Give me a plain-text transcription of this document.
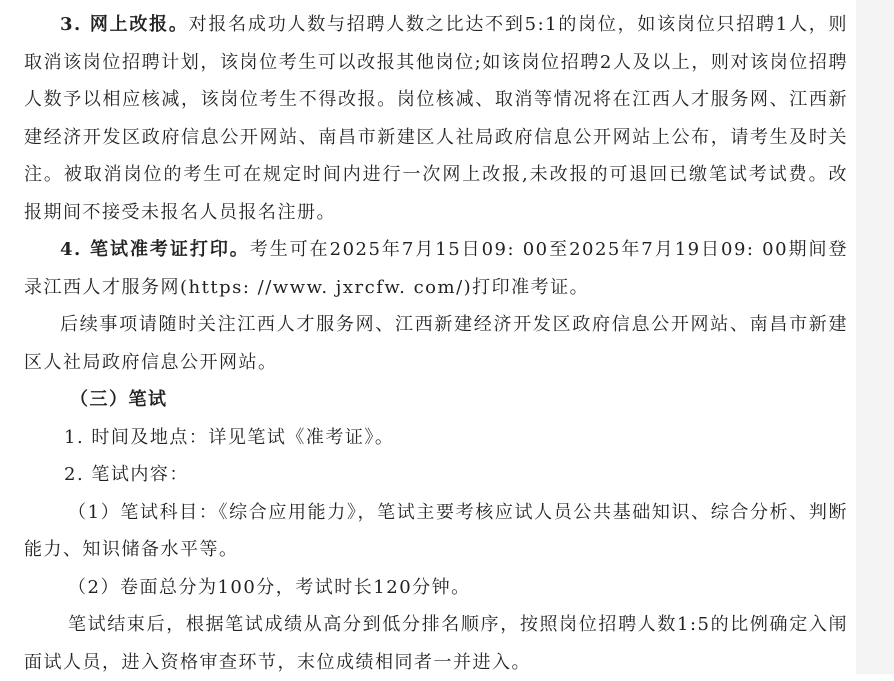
3. 网上改报。对报名成功人数与招聘人数之比达不到5:1的岗位，如该岗位只招聘1人，则取消该岗位招聘计划，该岗位考生可以改报其他岗位;如该岗位招聘2人及以上，则对该岗位招聘人数予以相应核减，该岗位考生不得改报。岗位核减、取消等情况将在江西人才服务网、江西新建经济开发区政府信息公开网站、南昌市新建区人社局政府信息公开网站上公布，请考生及时关注。被取消岗位的考生可在规定时间内进行一次网上改报,未改报的可退回已缴笔试考试费。改报期间不接受未报名人员报名注册。

4. 笔试准考证打印。考生可在2025年7月15日09: 00至2025年7月19日09: 00期间登录江西人才服务网(https: //www. jxrcfw. com/)打印准考证。

后续事项请随时关注江西人才服务网、江西新建经济开发区政府信息公开网站、南昌市新建区人社局政府信息公开网站。

（三）笔试

1. 时间及地点：详见笔试《准考证》。

2. 笔试内容：

（1）笔试科目：《综合应用能力》，笔试主要考核应试人员公共基础知识、综合分析、判断能力、知识储备水平等。

（2）卷面总分为100分，考试时长120分钟。

笔试结束后，根据笔试成绩从高分到低分排名顺序，按照岗位招聘人数1:5的比例确定入闱面试人员，进入资格审查环节，末位成绩相同者一并进入。
